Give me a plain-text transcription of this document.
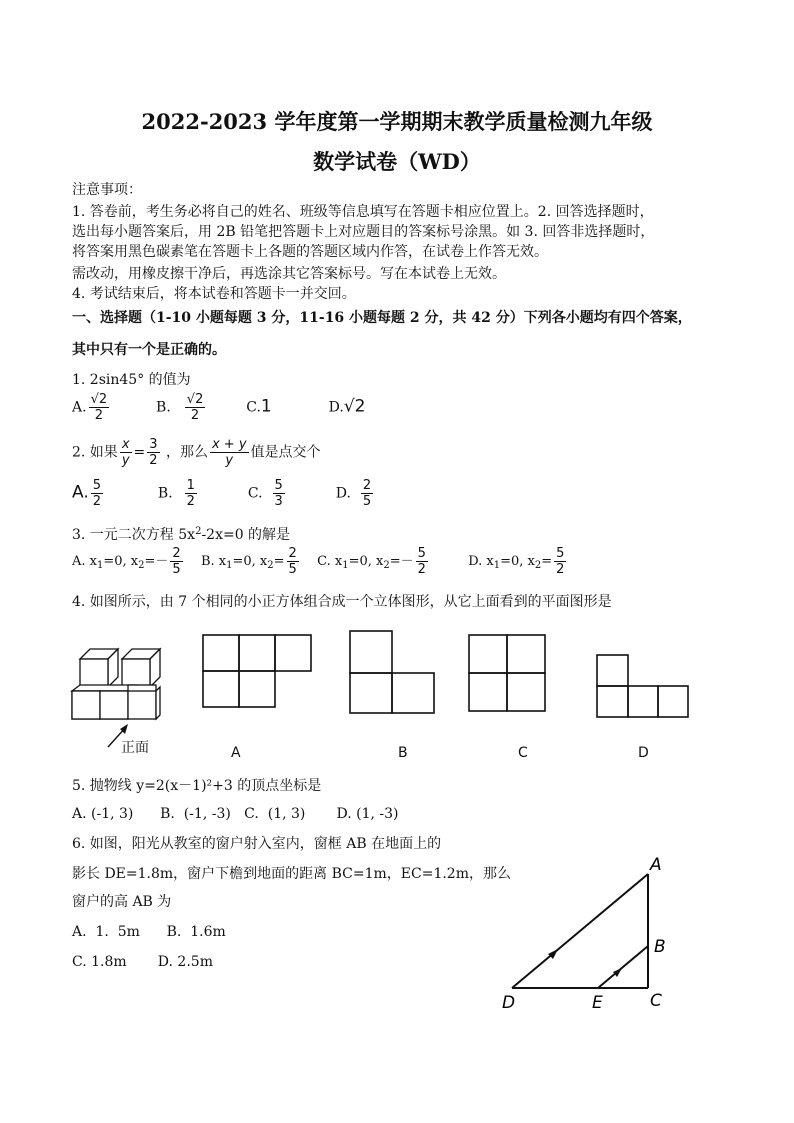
2022-2023 学年度第一学期期末教学质量检测九年级
数学试卷（WD）
注意事项：
1. 答卷前，考生务必将自己的姓名、班级等信息填写在答题卡相应位置上。2. 回答选择题时，
选出每小题答案后，用 2B 铅笔把答题卡上对应题目的答案标号涂黑。如 3. 回答非选择题时，
将答案用黑色碳素笔在答题卡上各题的答题区域内作答，在试卷上作答无效。
需改动，用橡皮擦干净后，再选涂其它答案标号。写在本试卷上无效。
4. 考试结束后，将本试卷和答题卡一并交回。
一、选择题（1-10 小题每题 3 分，11-16 小题每题 2 分，共 42 分）下列各小题均有四个答案，
其中只有一个是正确的。
1. 2sin45° 的值为
A. $\frac{√2}{2}$	B. $\frac{√2}{2}$	C.1	D.√2
2. 如果 $\frac{x}{y} = \frac{3}{2}$ ，那么 $\frac{x + y}{y}$ 值是点交个
A. $\frac{5}{2}$	B. $\frac{1}{2}$	C. $\frac{5}{3}$	D. $\frac{2}{5}$
3. 一元二次方程 $5x^2-2x=0$ 的解是
A. $x_1=0$, $x_2=- \frac{2}{5} B$. $x_1=0$, $x_2= \frac{2}{5} C$. $x_1=0$, $x_2=- \frac{5}{2}$	D. $x_1=0$, $x_2= \frac{5}{2}$
4. 如图所示，由 7 个相同的小正方体组合成一个立体图形，从它上面看到的平面图形是
正面	A	B	C	D
5. 抛物线 y=2(x－1)²+3 的顶点坐标是
A. (-1, 3)      B.  (-1, -3)   C.  (1, 3)       D. (1, -3)
6. 如图，阳光从教室的窗户射入室内，窗框 AB 在地面上的
影长 DE=1.8m，窗户下檐到地面的距离 BC=1m，EC=1.2m，那么
窗户的高 AB 为
A.  1.  5m      B.  1.6m
C. 1.8m       D. 2.5m
A
B
C
D	E
